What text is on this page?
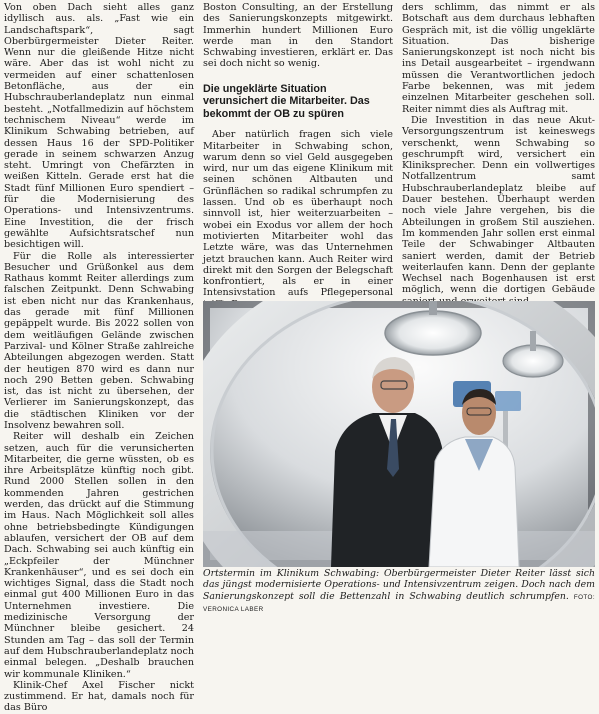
Von oben Dach sieht alles ganz idyllisch aus. als. „Fast wie ein Landschaftspark“, sagt Oberbürgermeister Dieter Reiter. Wenn nur die gleißende Hitze nicht wäre. Aber das ist wohl nicht zu vermeiden auf einer schattenlosen Betonfläche, aus der ein Hubschrauberlandeplatz nun einmal besteht. „Notfallmedizin auf höchstem technischem Niveau“ werde im Klinikum Schwabing betrieben, auf dessen Haus 16 der SPD-Politiker gerade in seinem schwarzen Anzug steht. Umringt von Chefärzten in weißen Kitteln. Gerade erst hat die Stadt fünf Millionen Euro spendiert – für die Modernisierung des Operations- und Intensivzentrums. Eine Investition, die der frisch gewählte Aufsichtsratschef nun besichtigen will.

Für die Rolle als interessierter Besucher und Grüßonkel aus dem Rathaus kommt Reiter allerdings zum falschen Zeitpunkt. Denn Schwabing ist eben nicht nur das Krankenhaus, das gerade mit fünf Millionen gepäppelt wurde. Bis 2022 sollen von dem weitläufigen Gelände zwischen Parzival- und Kölner Straße zahlreiche Abteilungen abgezogen werden. Statt der heutigen 870 wird es dann nur noch 290 Betten geben. Schwabing ist, das ist nicht zu übersehen, der Verlierer im Sanierungskonzept, das die städtischen Kliniken vor der Insolvenz bewahren soll.

Reiter will deshalb ein Zeichen setzen, auch für die verunsicherten Mitarbeiter, die gerne wüssten, ob es ihre Arbeitsplätze künftig noch gibt. Rund 2000 Stellen sollen in den kommenden Jahren gestrichen werden, das drückt auf die Stimmung im Haus. Nach Möglichkeit soll alles ohne betriebsbedingte Kündigungen ablaufen, versichert der OB auf dem Dach. Schwabing sei auch künftig ein „Eckpfeiler der Münchner Krankenhäuser“, und es sei doch ein wichtiges Signal, dass die Stadt noch einmal gut 400 Millionen Euro in das Unternehmen investiere. Die medizinische Versorgung der Münchner bleibe gesichert. 24 Stunden am Tag – das soll der Termin auf dem Hubschrauberlandeplatz noch einmal belegen. „Deshalb brauchen wir kommunale Kliniken.“

Klinik-Chef Axel Fischer nickt zustimmend. Er hat, damals noch für das Büro

Boston Consulting, an der Erstellung des Sanierungskonzepts mitgewirkt. Immerhin hundert Millionen Euro werde man in den Standort Schwabing investieren, erklärt er. Das sei doch nicht so wenig.

Die ungeklärte Situation verunsichert die Mitarbeiter. Das bekommt der OB zu spüren

Aber natürlich fragen sich viele Mitarbeiter in Schwabing schon, warum denn so viel Geld ausgegeben wird, nur um das eigene Klinikum mit seinen schönen Altbauten und Grünflächen so radikal schrumpfen zu lassen. Und ob es überhaupt noch sinnvoll ist, hier weiterzuarbeiten – wobei ein Exodus vor allem der hoch motivierten Mitarbeiter wohl das Letzte wäre, was das Unternehmen jetzt brauchen kann. Auch Reiter wird direkt mit den Sorgen der Belegschaft konfrontiert, als er in einer Intensivstation aufs Pflegepersonal

ders schlimm, das nimmt er als Botschaft aus dem durchaus lebhaften Gespräch mit, ist die völlig ungeklärte Situation. Das bisherige Sanierungskonzept ist noch nicht bis ins Detail ausgearbeitet – irgendwann müssen die Verantwortlichen jedoch Farbe bekennen, was mit jedem einzelnen Mitarbeiter geschehen soll. Reiter nimmt dies als Auftrag mit.

Die Investition in das neue Akut-Versorgungszentrum ist keineswegs verschenkt, wenn Schwabing so geschrumpft wird, versichert ein Kliniksprecher. Denn ein vollwertiges Notfallzentrum samt Hubschrauberlandeplatz bleibe auf Dauer bestehen. Überhaupt werden noch viele Jahre vergehen, bis die Abteilungen in großem Stil ausziehen. Im kommenden Jahr sollen erst einmal Teile der Schwabinger Altbauten saniert werden, damit der Betrieb weiterlaufen kann. Denn der geplante Wechsel nach Bogenhausen ist erst möglich, wenn die dortigen Gebäude

Ortstermin im Klinikum Schwabing: Oberbürgermeister Dieter Reiter lässt sich das jüngst modernisierte Operations- und Intensivzentrum zeigen. Doch nach dem Sanierungskonzept soll die Bettenzahl in Schwabing deutlich schrumpfen. FOTO: VERONICA LABER
